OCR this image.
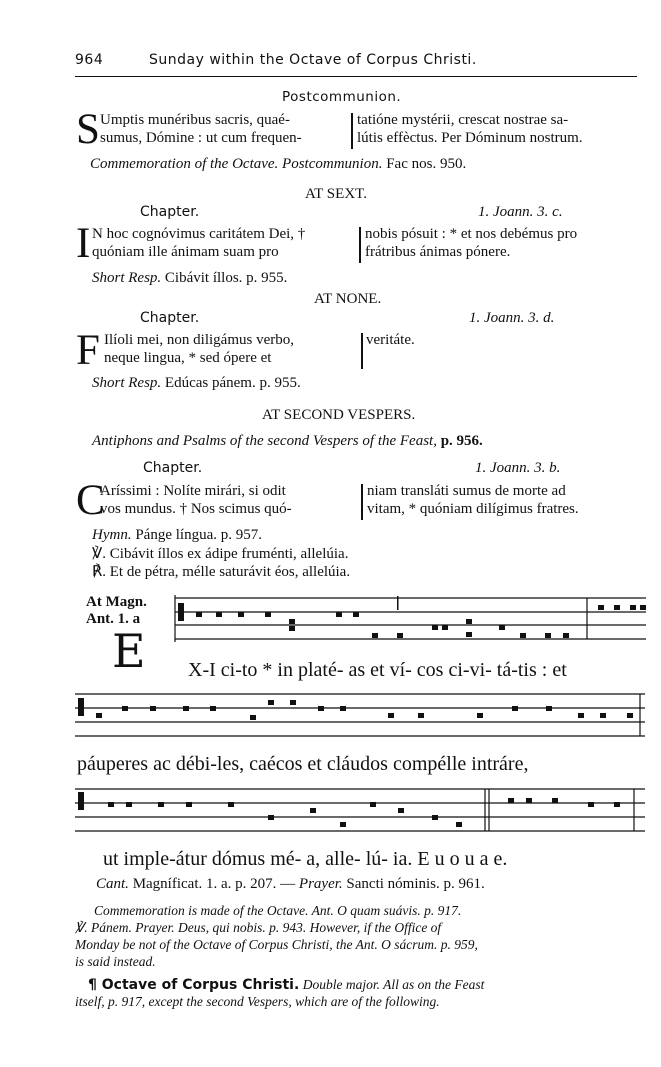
964	Sunday within the Octave of Corpus Christi.
Postcommunion.
S Umptis munéribus sacris, quaé-
sumus, Dómine : ut cum frequen-
tatióne mystérii, crescat nostrae sa-
lútis effèctus. Per Dóminum nostrum.
Commemoration of the Octave. Postcommunion. Fac nos. 950.
AT SEXT.
Chapter.	1. Joann. 3. c.
I N hoc cognóvimus caritátem Dei, †
quóniam ille ánimam suam pro
nobis pósuit : * et nos debémus pro
frátribus ánimas pónere.
Short Resp. Cibávit íllos. p. 955.
AT NONE.
Chapter.	1. Joann. 3. d.
F Ilíoli mei, non diligámus verbo,
neque lingua, * sed ópere et
veritáte.
Short Resp. Edúcas pánem. p. 955.
AT SECOND VESPERS.
Antiphons and Psalms of the second Vespers of the Feast, p. 956.
Chapter.	1. Joann. 3. b.
C
Aríssimi : Nolíte mirári, si odit
vos mundus. † Nos scimus quó-
niam transláti sumus de morte ad
vitam, * quóniam dilígimus fratres.
Hymn. Pánge língua. p. 957.
℣. Cibávit íllos ex ádipe fruménti, allelúia.
℟. Et de pétra, mélle saturávit éos, allelúia.
At Magn.
Ant. 1. a
E X-I ci-to * in platé- as et ví- cos ci-vi- tá-tis : et
páuperes ac débi-les, caécos et cláudos compélle intráre,
ut imple-átur dómus mé- a, alle- lú- ia. E u o u a e.
Cant. Magníficat. 1. a. p. 207. — Prayer. Sancti nóminis. p. 961.
Commemoration is made of the Octave. Ant. O quam suávis. p. 917.
℣. Pánem. Prayer. Deus, qui nobis. p. 943. However, if the Office of
Monday be not of the Octave of Corpus Christi, the Ant. O sácrum. p. 959,
is said instead.
¶ Octave of Corpus Christi. Double major. All as on the Feast
itself, p. 917, except the second Vespers, which are of the following.
